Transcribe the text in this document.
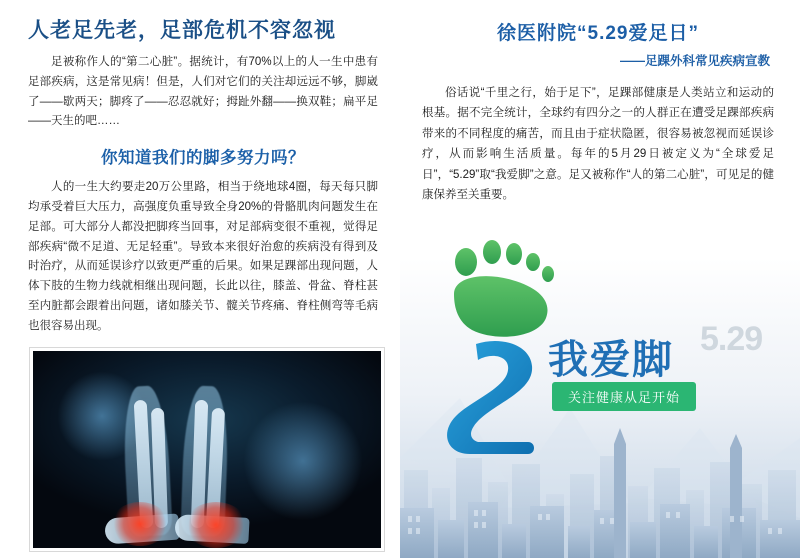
人老足先老，足部危机不容忽视

足被称作人的“第二心脏”。据统计，有70%以上的人一生中患有足部疾病，这是常见病！但是，人们对它们的关注却远远不够，脚崴了——歇两天；脚疼了——忍忍就好；拇趾外翻——换双鞋；扁平足——天生的吧……

你知道我们的脚多努力吗？

人的一生大约要走20万公里路，相当于绕地球4圈，每天每只脚均承受着巨大压力，高强度负重导致全身20%的骨骼肌肉问题发生在足部。可大部分人都没把脚疼当回事，对足部病变很不重视，觉得足部疾病“微不足道、无足轻重”。导致本来很好治愈的疾病没有得到及时治疗，从而延误诊疗以致更严重的后果。如果足踝部出现问题，人体下肢的生物力线就相继出现问题，长此以往，膝盖、骨盆、脊柱甚至内脏都会跟着出问题，诸如膝关节、髋关节疼痛、脊柱侧弯等毛病也很容易出现。

徐医附院“5.29爱足日”
——足踝外科常见疾病宣教

俗话说“千里之行，始于足下”，足踝部健康是人类站立和运动的根基。据不完全统计，全球约有四分之一的人群正在遭受足踝部疾病带来的不同程度的痛苦，而且由于症状隐匿，很容易被忽视而延误诊疗，从而影响生活质量。每年的5月29日被定义为“全球爱足日”，“5.29”取“我爱脚”之意。足又被称作“人的第二心脏”，可见足的健康保养至关重要。

我爱脚 5.29
关注健康从足开始
